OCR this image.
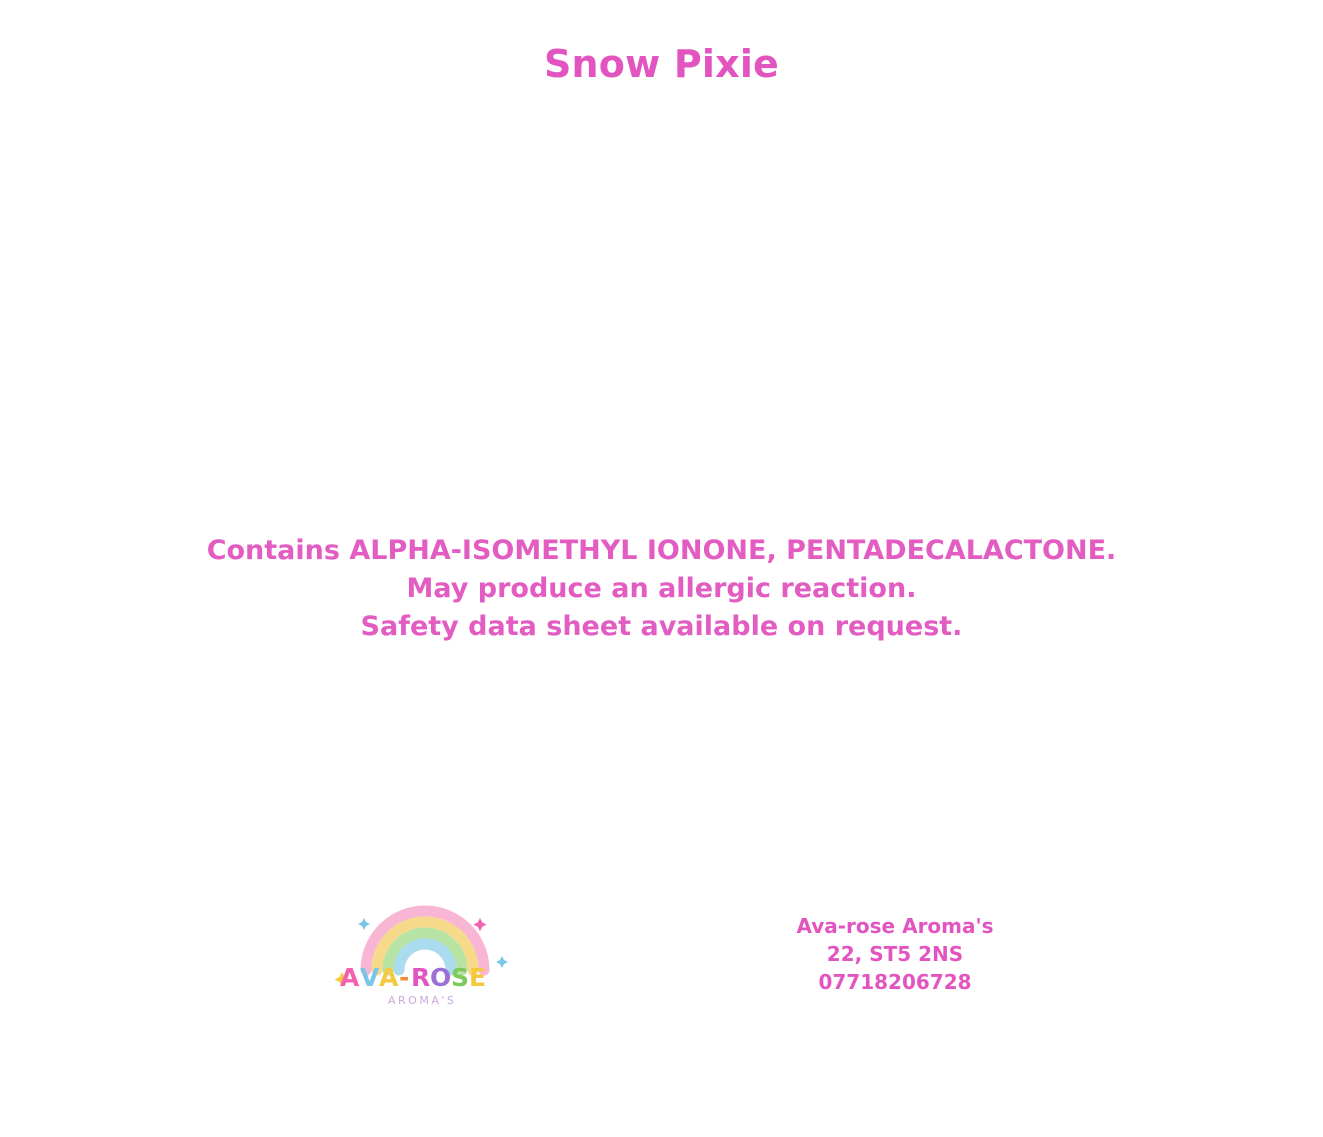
Snow Pixie
Contains ALPHA-ISOMETHYL IONONE, PENTADECALACTONE.
May produce an allergic reaction.
Safety data sheet available on request.
A V A - R O S E
AROMA'S
Ava-rose Aroma's
22, ST5 2NS
07718206728
